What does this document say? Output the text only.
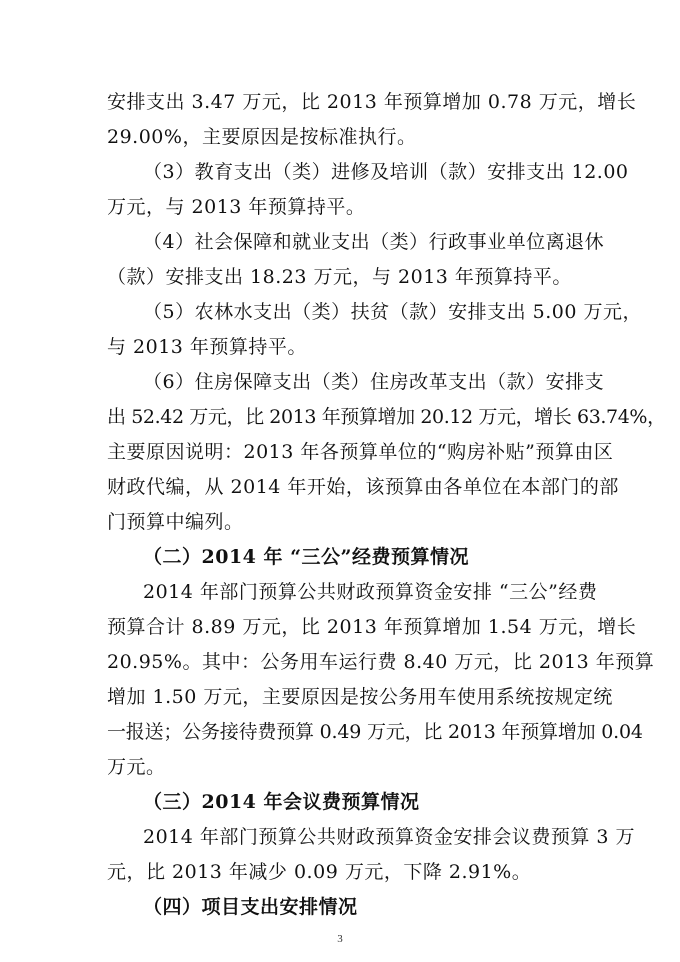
安排支出 3.47 万元，比 2013 年预算增加 0.78 万元，增长
29.00%，主要原因是按标准执行。
（3）教育支出（类）进修及培训（款）安排支出 12.00
万元，与 2013 年预算持平。
（4）社会保障和就业支出（类）行政事业单位离退休
（款）安排支出 18.23 万元，与 2013 年预算持平。
（5）农林水支出（类）扶贫（款）安排支出 5.00 万元，
与 2013 年预算持平。
（6）住房保障支出（类）住房改革支出（款）安排支
出 52.42 万元，比 2013 年预算增加 20.12 万元，增长 63.74%，
主要原因说明：2013 年各预算单位的“购房补贴”预算由区
财政代编，从 2014 年开始，该预算由各单位在本部门的部
门预算中编列。
（二）2014 年 “三公”经费预算情况
2014 年部门预算公共财政预算资金安排 “三公”经费
预算合计 8.89 万元，比 2013 年预算增加 1.54 万元，增长
20.95%。其中：公务用车运行费 8.40 万元，比 2013 年预算
增加 1.50 万元，主要原因是按公务用车使用系统按规定统
一报送；公务接待费预算 0.49 万元，比 2013 年预算增加 0.04
万元。
（三）2014 年会议费预算情况
2014 年部门预算公共财政预算资金安排会议费预算 3 万
元，比 2013 年减少 0.09 万元，下降 2.91%。
（四）项目支出安排情况
3
